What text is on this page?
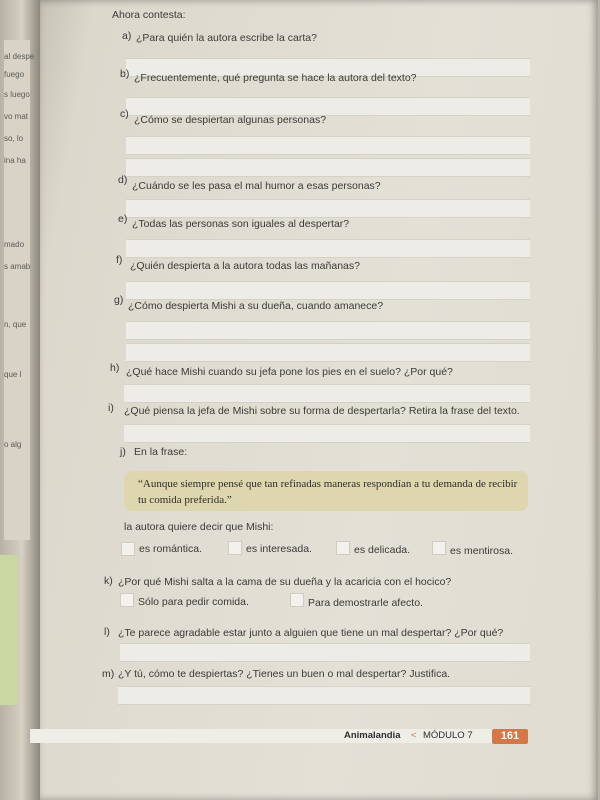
al despe
fuego
s luego
vo mat
so, lo
ina ha
mado
s amab
n, que
que l
o alg
Ahora contesta:
a) ¿Para quién la autora escribe la carta?
b) ¿Frecuentemente, qué pregunta se hace la autora del texto?
c) ¿Cómo se despiertan algunas personas?
d) ¿Cuándo se les pasa el mal humor a esas personas?
e) ¿Todas las personas son iguales al despertar?
f) ¿Quién despierta a la autora todas las mañanas?
g) ¿Cómo despierta Mishi a su dueña, cuando amanece?
h) ¿Qué hace Mishi cuando su jefa pone los pies en el suelo? ¿Por qué?
i) ¿Qué piensa la jefa de Mishi sobre su forma de despertarla? Retira la frase del texto.
j) En la frase:
“Aunque siempre pensé que tan refinadas maneras respondían a tu demanda de recibir tu comida preferida.”
la autora quiere decir que Mishi:
es romántica.	es interesada.	es delicada.	es mentirosa.
k) ¿Por qué Mishi salta a la cama de su dueña y la acaricia con el hocico?
Sólo para pedir comida.	Para demostrarle afecto.
l) ¿Te parece agradable estar junto a alguien que tiene un mal despertar? ¿Por qué?
m) ¿Y tú, cómo te despiertas? ¿Tienes un buen o mal despertar? Justifica.
Animalandia < MÓDULO 7	161
